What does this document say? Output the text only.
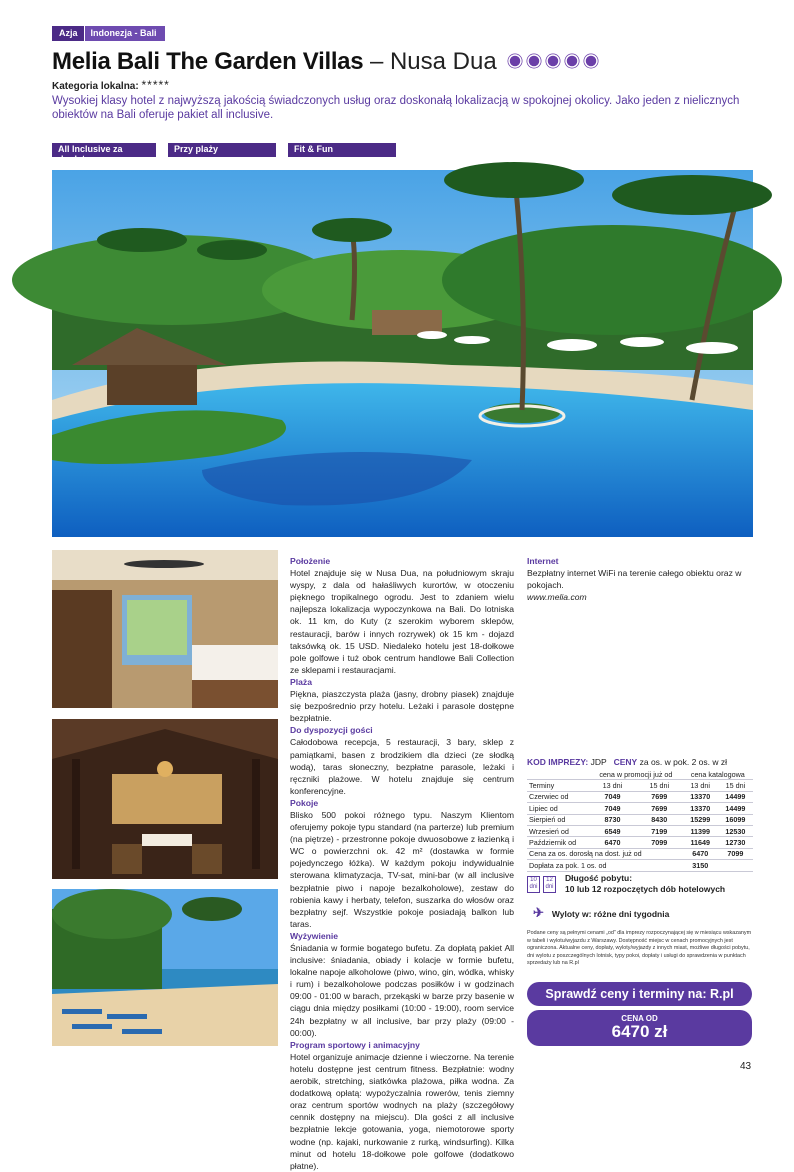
Azja	Indonezja - Bali
Melia Bali The Garden Villas – Nusa Dua
Kategoria lokalna: *****
Wysokiej klasy hotel z najwyższą jakością świadczonych usług oraz doskonałą lokalizacją w spokojnej okolicy. Jako jeden z nielicznych obiektów na Bali oferuje pakiet all inclusive.
All Inclusive za dopłatą
Przy plaży	Fit & Fun

Położenie

Hotel znajduje się w Nusa Dua, na południowym skraju wyspy, z dala od hałaśliwych kurortów, w otoczeniu pięknego tropikalnego ogrodu. Jest to zdaniem wielu najlepsza lokalizacja wypoczynkowa na Bali. Do lotniska ok. 11 km, do Kuty (z szerokim wyborem sklepów, restauracji, barów i innych rozrywek) ok 15 km - dojazd taksówką ok. 15 USD. Niedaleko hotelu jest 18-dołkowe pole golfowe i tuż obok centrum handlowe Bali Collection ze sklepami i restauracjami.

Plaża

Piękna, piaszczysta plaża (jasny, drobny piasek) znajduje się bezpośrednio przy hotelu. Leżaki i parasole dostępne bezpłatnie.

Do dyspozycji gości

Całodobowa recepcja, 5 restauracji, 3 bary, sklep z pamiątkami, basen z brodzikiem dla dzieci (ze słodką wodą), taras słoneczny, bezpłatne parasole, leżaki i ręczniki plażowe. W hotelu znajduje się centrum konferencyjne.

Pokoje

Blisko 500 pokoi różnego typu. Naszym Klientom oferujemy pokoje typu standard (na parterze) lub premium (na piętrze) - przestronne pokoje dwuosobowe z łazienką i WC o powierzchni ok. 42 m² (dostawka w formie pojedynczego łóżka). W każdym pokoju indywidualnie sterowana klimatyzacja, TV-sat, mini-bar (w all inclusive bezpłatnie piwo i napoje bezalkoholowe), zestaw do robienia kawy i herbaty, telefon, suszarka do włosów oraz bezpłatny sejf. Wszystkie pokoje posiadają balkon lub taras.

Wyżywienie

Śniadania w formie bogatego bufetu. Za dopłatą pakiet All inclusive: śniadania, obiady i kolacje w formie bufetu, lokalne napoje alkoholowe (piwo, wino, gin, wódka, whisky i rum) i bezalkoholowe podczas posiłków i w godzinach 09:00 - 01:00 w barach, przekąski w barze przy basenie w ciągu dnia między posiłkami (10:00 - 19:00), room service 24h bezpłatny w all inclusive, bar przy plaży (09:00 - 00:00).

Program sportowy i animacyjny

Hotel organizuje animacje dzienne i wieczorne. Na terenie hotelu dostępne jest centrum fitness. Bezpłatnie: wodny aerobik, stretching, siatkówka plażowa, piłka wodna. Za dodatkową opłatą: wypożyczalnia rowerów, tenis ziemny oraz centrum sportów wodnych na plaży (szczegółowy cennik dostępny na miejscu). Dla gości z all inclusive bezpłatnie lekcje gotowania, yoga, niemotorowe sporty wodne (np. kajaki, nurkowanie z rurką, windsurfing). Kilka minut od hotelu 18-dołkowe pole golfowe (dodatkowo płatne).

Internet

Bezpłatny internet WiFi na terenie całego obiektu oraz w pokojach.

www.melia.com

KOD IMPREZY: JDP CENY za os. w pok. 2 os. w zł
	cena w promocji już od		cena katalogowa	
Terminy	13 dni	15 dni	13 dni	15 dni
Czerwiec od	7049	7699	13370	14499
Lipiec od	7049	7699	13370	14499
Sierpień od	8730	8430	15299	16099
Wrzesień od	6549	7199	11399	12530
Październik od	6470	7099	11649	12730
Cena za os. dorosłą na dost. już od			6470	7099
Dopłata za pok. 1 os. od			3150	
10
dni
12
dni
Długość pobytu:
10 lub 12 rozpoczętych dób hotelowych
✈ Wyloty w: różne dni tygodnia
Podane ceny są pełnymi cenami „od” dla imprezy rozpoczynającej się w miesiącu wskazanym w tabeli i wylotu/wyjazdu z Warszawy. Dostępność miejsc w cenach promocyjnych jest ograniczona. Aktualne ceny, dopłaty, wyloty/wyjazdy z innych miast, możliwe długości pobytu, dni wylotu z poszczególnych lotnisk, typy pokoi, dopłaty i usługi do sprawdzenia w punktach sprzedaży lub na R.pl
Sprawdź ceny i terminy na: R.pl
CENA OD
6470 zł
43
